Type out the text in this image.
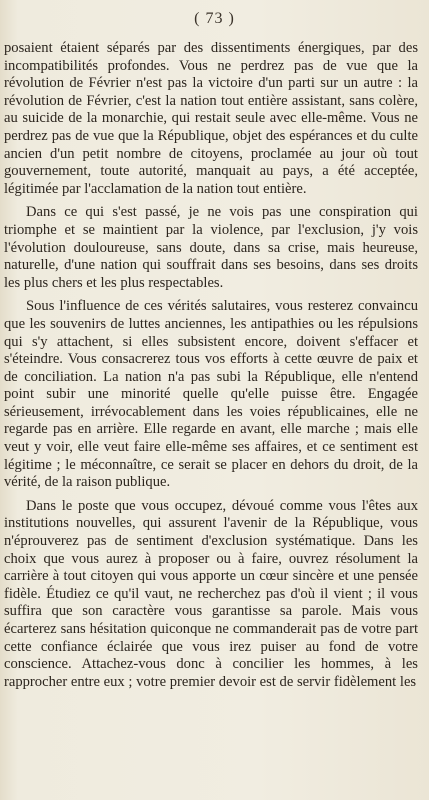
( 73 )

posaient étaient séparés par des dissentiments énergiques, par des incompatibilités profondes. Vous ne perdrez pas de vue que la révolution de Février n'est pas la victoire d'un parti sur un autre : la révolution de Février, c'est la nation tout entière assistant, sans colère, au suicide de la monarchie, qui restait seule avec elle-même. Vous ne perdrez pas de vue que la République, objet des espérances et du culte ancien d'un petit nombre de citoyens, proclamée au jour où tout gouvernement, toute autorité, manquait au pays, a été acceptée, légitimée par l'acclamation de la nation tout entière.

Dans ce qui s'est passé, je ne vois pas une conspiration qui triomphe et se maintient par la violence, par l'exclusion, j'y vois l'évolution douloureuse, sans doute, dans sa crise, mais heureuse, naturelle, d'une nation qui souffrait dans ses besoins, dans ses droits les plus chers et les plus respectables.

Sous l'influence de ces vérités salutaires, vous resterez convaincu que les souvenirs de luttes anciennes, les antipathies ou les répulsions qui s'y attachent, si elles subsistent encore, doivent s'effacer et s'éteindre. Vous consacrerez tous vos efforts à cette œuvre de paix et de conciliation. La nation n'a pas subi la République, elle n'entend point subir une minorité quelle qu'elle puisse être. Engagée sérieusement, irrévocablement dans les voies républicaines, elle ne regarde pas en arrière. Elle regarde en avant, elle marche ; mais elle veut y voir, elle veut faire elle-même ses affaires, et ce sentiment est légitime ; le méconnaître, ce serait se placer en dehors du droit, de la vérité, de la raison publique.

Dans le poste que vous occupez, dévoué comme vous l'êtes aux institutions nouvelles, qui assurent l'avenir de la République, vous n'éprouverez pas de sentiment d'exclusion systématique. Dans les choix que vous aurez à proposer ou à faire, ouvrez résolument la carrière à tout citoyen qui vous apporte un cœur sincère et une pensée fidèle. Étudiez ce qu'il vaut, ne recherchez pas d'où il vient ; il vous suffira que son caractère vous garantisse sa parole. Mais vous écarterez sans hésitation quiconque ne commanderait pas de votre part cette confiance éclairée que vous irez puiser au fond de votre conscience. Attachez-vous donc à concilier les hommes, à les rapprocher entre eux ; votre premier devoir est de servir fidèlement les
